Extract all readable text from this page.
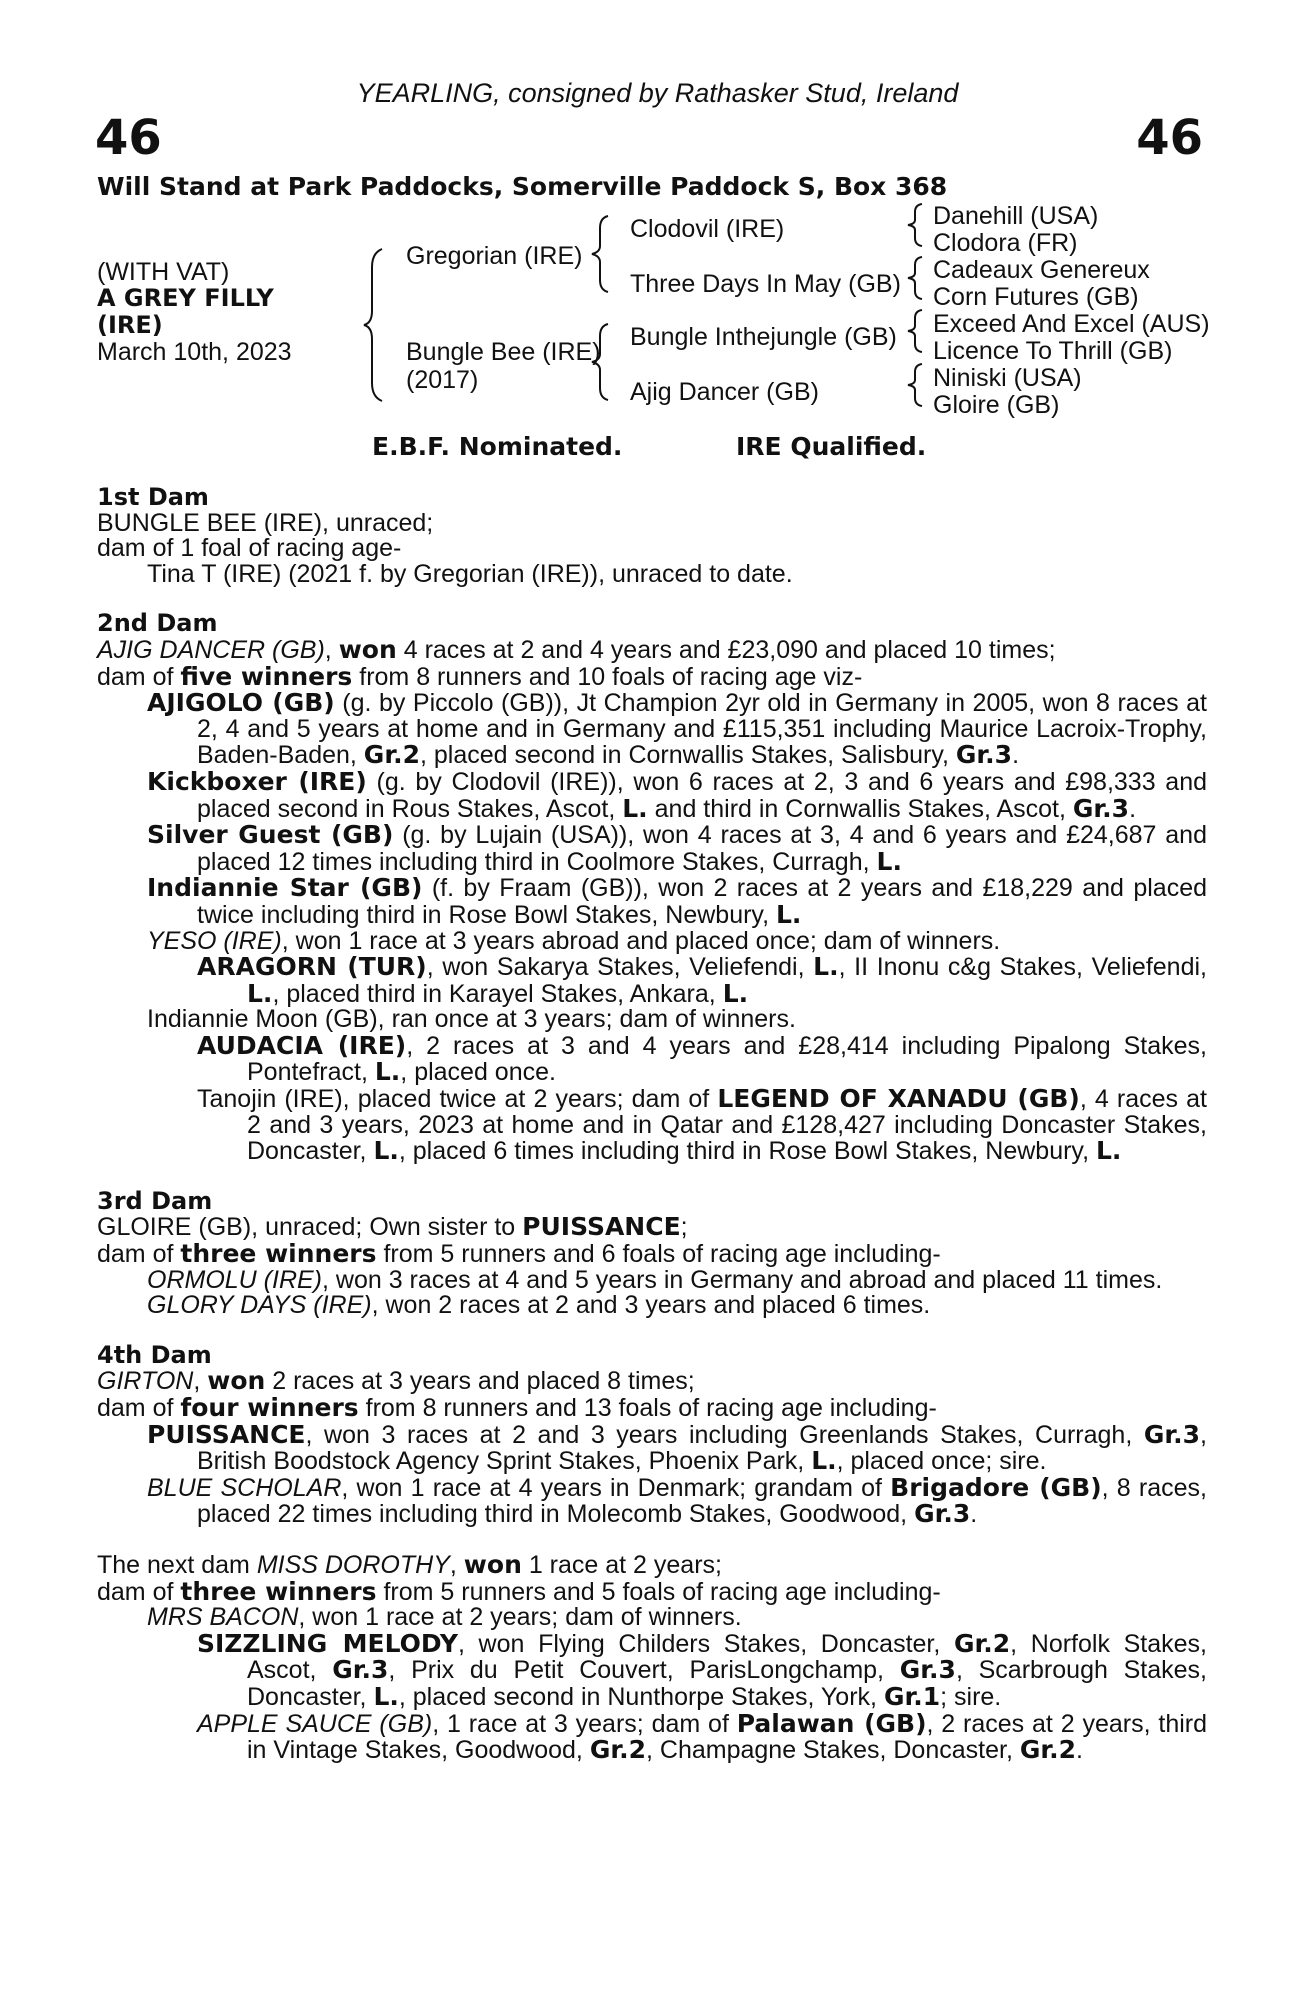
YEARLING, consigned by Rathasker Stud, Ireland
46	46
Will Stand at Park Paddocks, Somerville Paddock S, Box 368
(WITH VAT)
A GREY FILLY
(IRE)
March 10th, 2023
Gregorian (IRE)
Bungle Bee (IRE)
(2017)
Clodovil (IRE)
Three Days In May (GB)
Bungle Inthejungle (GB)
Ajig Dancer (GB)
Danehill (USA)
Clodora (FR)
Cadeaux Genereux
Corn Futures (GB)
Exceed And Excel (AUS)
Licence To Thrill (GB)
Niniski (USA)
Gloire (GB)
E.B.F. Nominated.	IRE Qualified.
1st Dam
BUNGLE BEE (IRE), unraced;
dam of 1 foal of racing age-
Tina T (IRE) (2021 f. by Gregorian (IRE)), unraced to date.
2nd Dam
AJIG DANCER (GB), won 4 races at 2 and 4 years and £23,090 and placed 10 times;
dam of five winners from 8 runners and 10 foals of racing age viz-
AJIGOLO (GB) (g. by Piccolo (GB)), Jt Champion 2yr old in Germany in 2005, won 8 races at 2, 4 and 5 years at home and in Germany and £115,351 including Maurice Lacroix-Trophy, Baden-Baden, Gr.2, placed second in Cornwallis Stakes, Salisbury, Gr.3.
Kickboxer (IRE) (g. by Clodovil (IRE)), won 6 races at 2, 3 and 6 years and £98,333 and placed second in Rous Stakes, Ascot, L. and third in Cornwallis Stakes, Ascot, Gr.3.
Silver Guest (GB) (g. by Lujain (USA)), won 4 races at 3, 4 and 6 years and £24,687 and placed 12 times including third in Coolmore Stakes, Curragh, L.
Indiannie Star (GB) (f. by Fraam (GB)), won 2 races at 2 years and £18,229 and placed twice including third in Rose Bowl Stakes, Newbury, L.
YESO (IRE), won 1 race at 3 years abroad and placed once; dam of winners.
ARAGORN (TUR), won Sakarya Stakes, Veliefendi, L., II Inonu c&g Stakes, Veliefendi, L., placed third in Karayel Stakes, Ankara, L.
Indiannie Moon (GB), ran once at 3 years; dam of winners.
AUDACIA (IRE), 2 races at 3 and 4 years and £28,414 including Pipalong Stakes, Pontefract, L., placed once.
Tanojin (IRE), placed twice at 2 years; dam of LEGEND OF XANADU (GB), 4 races at 2 and 3 years, 2023 at home and in Qatar and £128,427 including Doncaster Stakes, Doncaster, L., placed 6 times including third in Rose Bowl Stakes, Newbury, L.
3rd Dam
GLOIRE (GB), unraced; Own sister to PUISSANCE;
dam of three winners from 5 runners and 6 foals of racing age including-
ORMOLU (IRE), won 3 races at 4 and 5 years in Germany and abroad and placed 11 times.
GLORY DAYS (IRE), won 2 races at 2 and 3 years and placed 6 times.
4th Dam
GIRTON, won 2 races at 3 years and placed 8 times;
dam of four winners from 8 runners and 13 foals of racing age including-
PUISSANCE, won 3 races at 2 and 3 years including Greenlands Stakes, Curragh, Gr.3, British Boodstock Agency Sprint Stakes, Phoenix Park, L., placed once; sire.
BLUE SCHOLAR, won 1 race at 4 years in Denmark; grandam of Brigadore (GB), 8 races, placed 22 times including third in Molecomb Stakes, Goodwood, Gr.3.
The next dam MISS DOROTHY, won 1 race at 2 years;
dam of three winners from 5 runners and 5 foals of racing age including-
MRS BACON, won 1 race at 2 years; dam of winners.
SIZZLING MELODY, won Flying Childers Stakes, Doncaster, Gr.2, Norfolk Stakes, Ascot, Gr.3, Prix du Petit Couvert, ParisLongchamp, Gr.3, Scarbrough Stakes, Doncaster, L., placed second in Nunthorpe Stakes, York, Gr.1; sire.
APPLE SAUCE (GB), 1 race at 3 years; dam of Palawan (GB), 2 races at 2 years, third in Vintage Stakes, Goodwood, Gr.2, Champagne Stakes, Doncaster, Gr.2.
